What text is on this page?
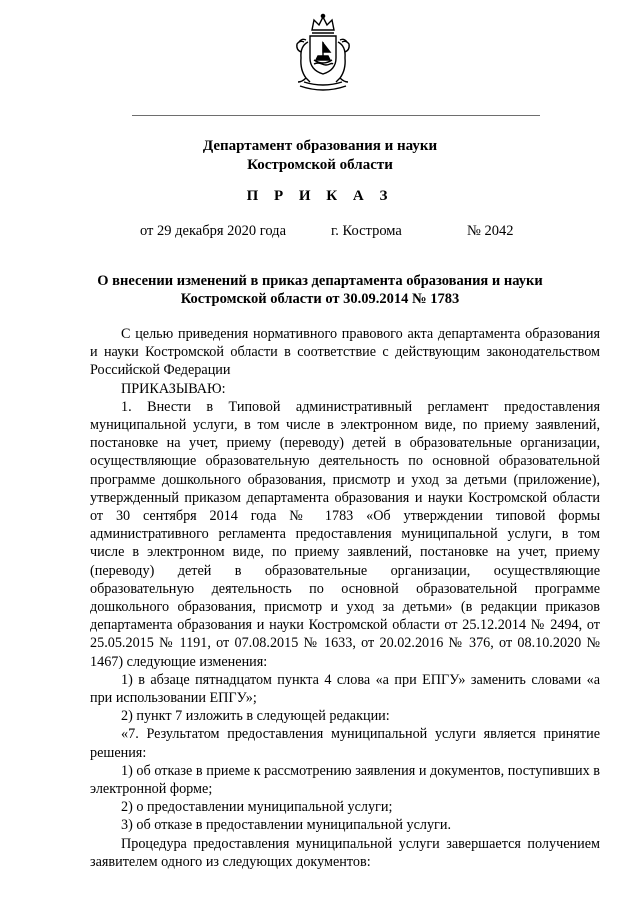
Департамент образования и науки
Костромской области
П Р И К А З
от 29 декабря 2020 года	г. Кострома	№ 2042
О внесении изменений в приказ департамента образования и науки
Костромской области от 30.09.2014 № 1783

С целью приведения нормативного правового акта департамента образования и науки Костромской области в соответствие с действующим законодательством Российской Федерации

ПРИКАЗЫВАЮ:

1. Внести в Типовой административный регламент предоставления муниципальной услуги, в том числе в электронном виде, по приему заявлений, постановке на учет, приему (переводу) детей в образовательные организации, осуществляющие образовательную деятельность по основной образовательной программе дошкольного образования, присмотр и уход за детьми (приложение), утвержденный приказом департамента образования и науки Костромской области от 30 сентября 2014 года № 1783 «Об утверждении типовой формы административного регламента предоставления муниципальной услуги, в том числе в электронном виде, по приему заявлений, постановке на учет, приему (переводу) детей в образовательные организации, осуществляющие образовательную деятельность по основной образовательной программе дошкольного образования, присмотр и уход за детьми» (в редакции приказов департамента образования и науки Костромской области от 25.12.2014 № 2494, от 25.05.2015 № 1191, от 07.08.2015 № 1633, от 20.02.2016 № 376, от 08.10.2020 № 1467) следующие изменения:

1) в абзаце пятнадцатом пункта 4 слова «а при ЕПГУ» заменить словами «а при использовании ЕПГУ»;

2) пункт 7 изложить в следующей редакции:

«7. Результатом предоставления муниципальной услуги является принятие решения:

1) об отказе в приеме к рассмотрению заявления и документов, поступивших в электронной форме;

2) о предоставлении муниципальной услуги;

3) об отказе в предоставлении муниципальной услуги.

Процедура предоставления муниципальной услуги завершается получением заявителем одного из следующих документов:
